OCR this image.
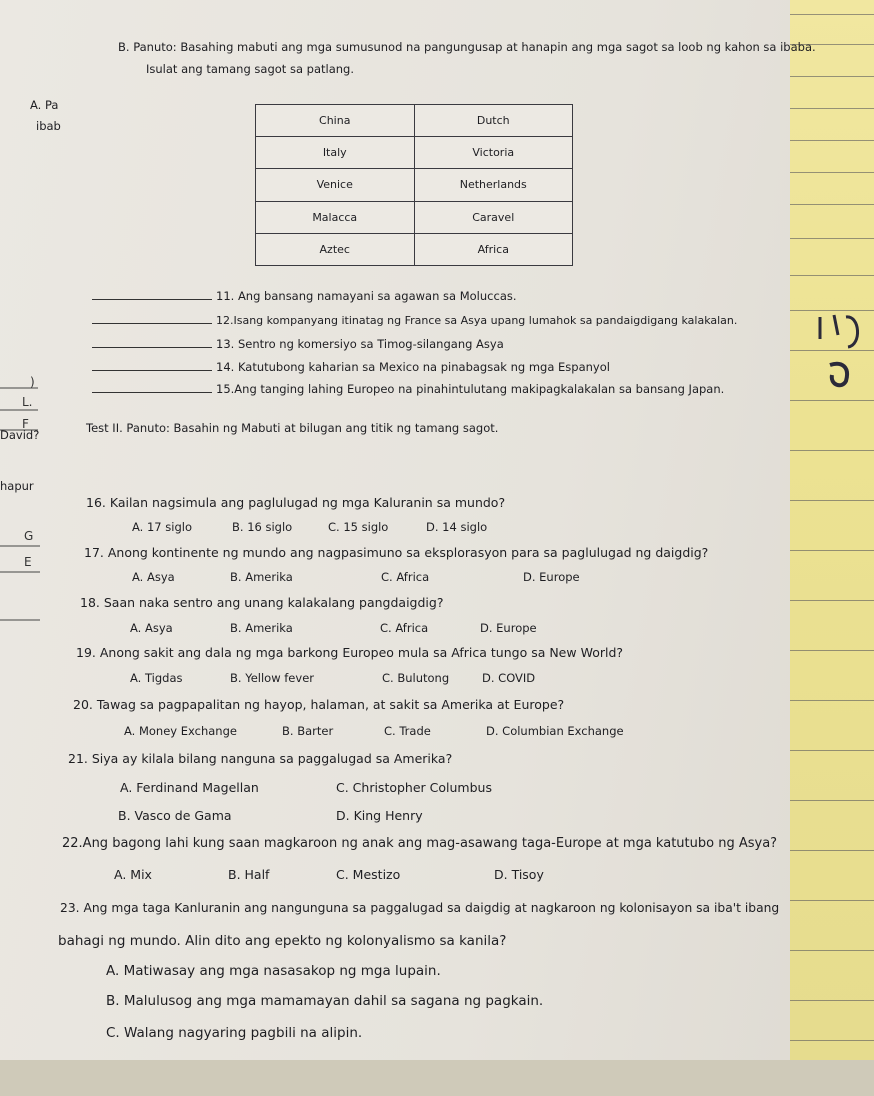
A. Pa
ibab
David?
hapur
)
L.
F
G
E
B. Panuto: Basahing mabuti ang mga sumusunod na pangungusap at hanapin ang mga sagot sa loob ng kahon sa ibaba.
Isulat ang tamang sagot sa patlang.
China	Dutch
Italy	Victoria
Venice	Netherlands
Malacca	Caravel
Aztec	Africa
11. Ang bansang namayani sa agawan sa Moluccas.
12.Isang kompanyang itinatag ng France sa Asya upang lumahok sa pandaigdigang kalakalan.
13. Sentro ng komersiyo sa Timog-silangang Asya
14. Katutubong kaharian sa Mexico na pinabagsak ng mga Espanyol
15.Ang tanging lahing Europeo na pinahintulutang makipagkalakalan sa bansang Japan.
Test II. Panuto: Basahin ng Mabuti at bilugan ang titik ng tamang sagot.
16. Kailan nagsimula ang paglulugad ng mga Kaluranin sa mundo?
A. 17 siglo	B. 16 siglo	C. 15 siglo	D. 14 siglo
17. Anong kontinente ng mundo ang nagpasimuno sa eksplorasyon para sa paglulugad ng daigdig?
A. Asya	B. Amerika	C. Africa	D. Europe
18. Saan naka sentro ang unang kalakalang pangdaigdig?
A. Asya	B. Amerika	C. Africa	D. Europe
19. Anong sakit ang dala ng mga barkong Europeo mula sa Africa tungo sa New World?
A. Tigdas	B. Yellow fever	C. Bulutong	D. COVID
20. Tawag sa pagpapalitan ng hayop, halaman, at sakit sa Amerika at Europe?
A. Money Exchange	B. Barter	C. Trade	D. Columbian Exchange
21. Siya ay kilala bilang nanguna sa paggalugad sa Amerika?
A. Ferdinand Magellan	C. Christopher Columbus
B. Vasco de Gama	D. King Henry
22.Ang bagong lahi kung saan magkaroon ng anak ang mag-asawang taga-Europe at mga katutubo ng Asya?
A. Mix	B. Half	C. Mestizo	D. Tisoy
23. Ang mga taga Kanluranin ang nangunguna sa paggalugad sa daigdig at nagkaroon ng kolonisayon sa iba't ibang
bahagi ng mundo. Alin dito ang epekto ng kolonyalismo sa kanila?
A. Matiwasay ang mga nasasakop ng mga lupain.
B. Malulusog ang mga mamamayan dahil sa sagana ng pagkain.
C. Walang nagyaring pagbili na alipin.
